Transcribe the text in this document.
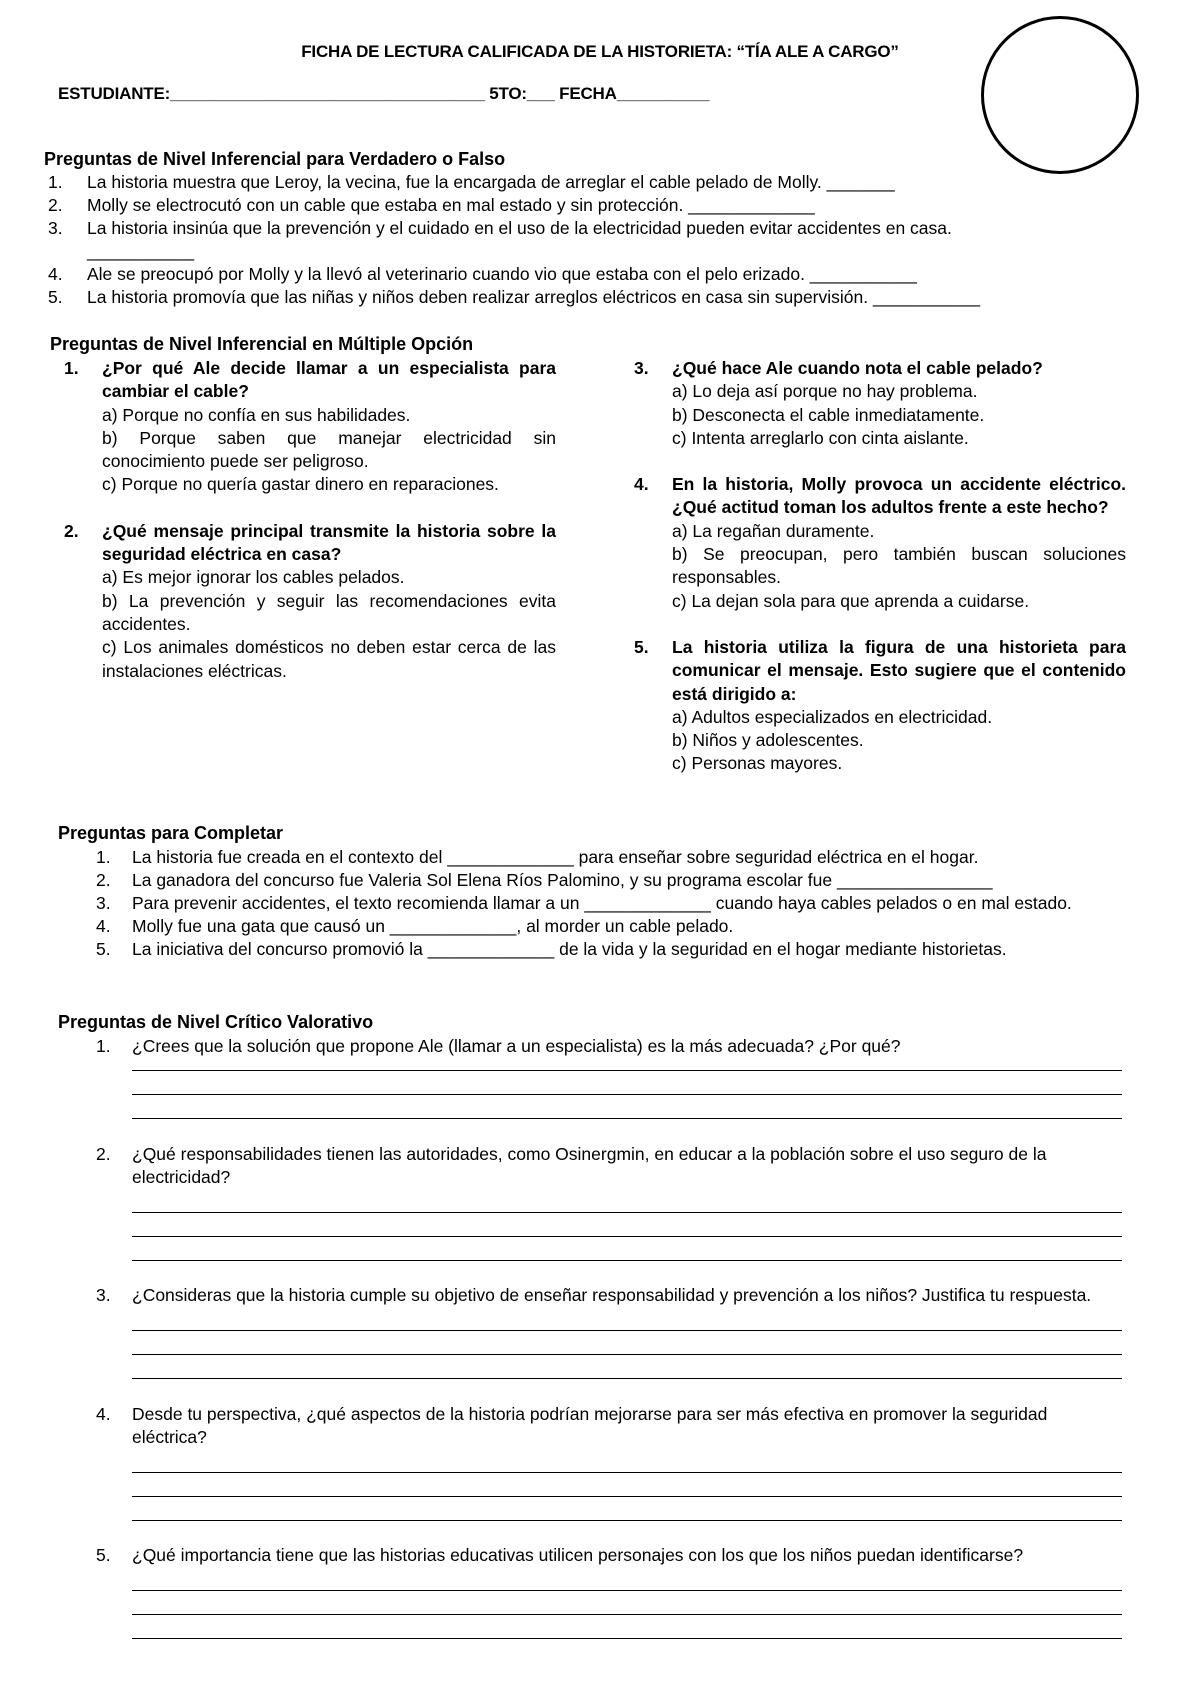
FICHA DE LECTURA CALIFICADA DE LA HISTORIETA: “TÍA ALE A CARGO”
ESTUDIANTE:__________________________________ 5TO:___ FECHA__________
Preguntas de Nivel Inferencial para Verdadero o Falso
1. La historia muestra que Leroy, la vecina, fue la encargada de arreglar el cable pelado de Molly. _______
2. Molly se electrocutó con un cable que estaba en mal estado y sin protección. _____________
3. La historia insinúa que la prevención y el cuidado en el uso de la electricidad pueden evitar accidentes en casa. ___________
4. Ale se preocupó por Molly y la llevó al veterinario cuando vio que estaba con el pelo erizado. ___________
5. La historia promovía que las niñas y niños deben realizar arreglos eléctricos en casa sin supervisión. ___________
Preguntas de Nivel Inferencial en Múltiple Opción
1. ¿Por qué Ale decide llamar a un especialista para cambiar el cable?
a) Porque no confía en sus habilidades.
b) Porque saben que manejar electricidad sin conocimiento puede ser peligroso.
c) Porque no quería gastar dinero en reparaciones.
2. ¿Qué mensaje principal transmite la historia sobre la seguridad eléctrica en casa?
a) Es mejor ignorar los cables pelados.
b) La prevención y seguir las recomendaciones evita accidentes.
c) Los animales domésticos no deben estar cerca de las instalaciones eléctricas.
3. ¿Qué hace Ale cuando nota el cable pelado?
a) Lo deja así porque no hay problema.
b) Desconecta el cable inmediatamente.
c) Intenta arreglarlo con cinta aislante.
4. En la historia, Molly provoca un accidente eléctrico. ¿Qué actitud toman los adultos frente a este hecho?
a) La regañan duramente.
b) Se preocupan, pero también buscan soluciones responsables.
c) La dejan sola para que aprenda a cuidarse.
5. La historia utiliza la figura de una historieta para comunicar el mensaje. Esto sugiere que el contenido está dirigido a:
a) Adultos especializados en electricidad.
b) Niños y adolescentes.
c) Personas mayores.
Preguntas para Completar
1. La historia fue creada en el contexto del _____________ para enseñar sobre seguridad eléctrica en el hogar.
2. La ganadora del concurso fue Valeria Sol Elena Ríos Palomino, y su programa escolar fue ________________
3. Para prevenir accidentes, el texto recomienda llamar a un _____________ cuando haya cables pelados o en mal estado.
4. Molly fue una gata que causó un _____________, al morder un cable pelado.
5. La iniciativa del concurso promovió la _____________ de la vida y la seguridad en el hogar mediante historietas.
Preguntas de Nivel Crítico Valorativo
1. ¿Crees que la solución que propone Ale (llamar a un especialista) es la más adecuada? ¿Por qué?
2. ¿Qué responsabilidades tienen las autoridades, como Osinergmin, en educar a la población sobre el uso seguro de la electricidad?
3. ¿Consideras que la historia cumple su objetivo de enseñar responsabilidad y prevención a los niños? Justifica tu respuesta.
4. Desde tu perspectiva, ¿qué aspectos de la historia podrían mejorarse para ser más efectiva en promover la seguridad eléctrica?
5. ¿Qué importancia tiene que las historias educativas utilicen personajes con los que los niños puedan identificarse?
